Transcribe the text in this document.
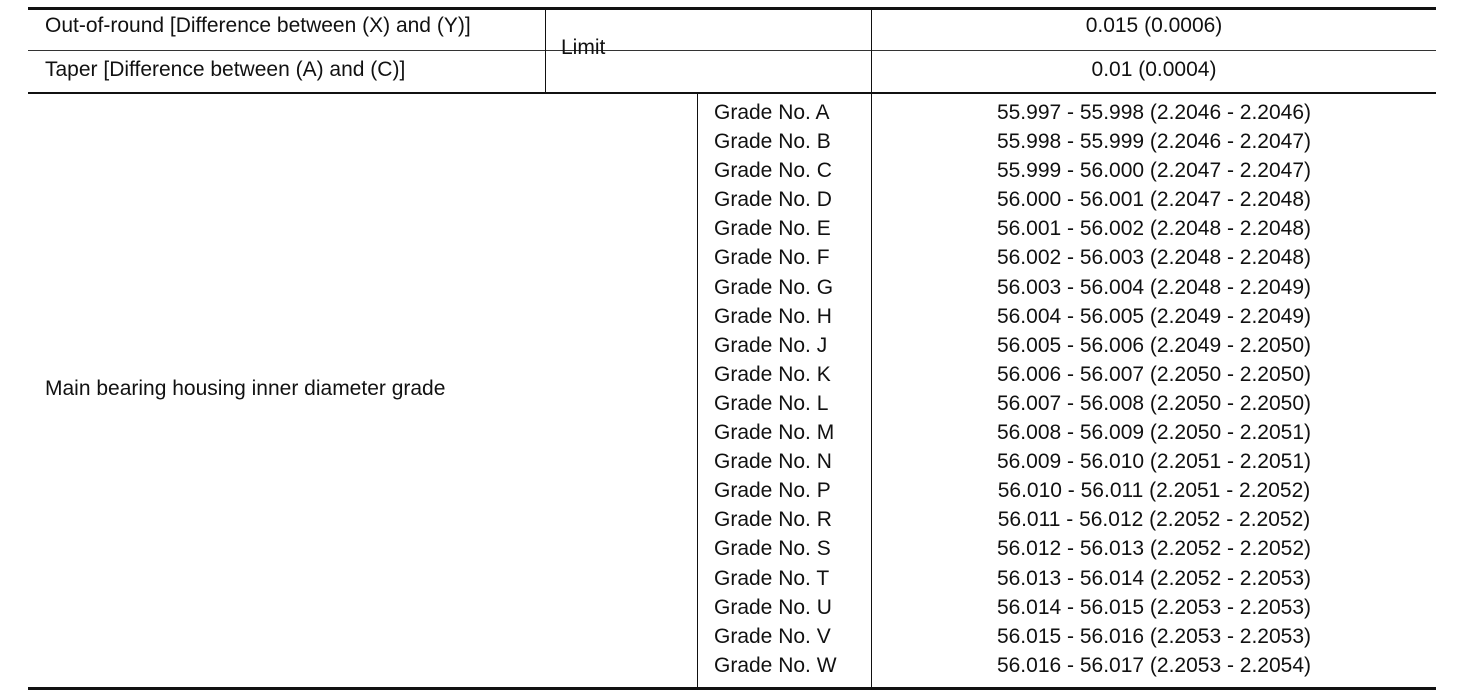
Out-of-round [Difference between (X) and (Y)]
Taper [Difference between (A) and (C)]
Limit
0.015 (0.0006)
0.01 (0.0004)
Main bearing housing inner diameter grade
Grade No. A
Grade No. B
Grade No. C
Grade No. D
Grade No. E
Grade No. F
Grade No. G
Grade No. H
Grade No. J
Grade No. K
Grade No. L
Grade No. M
Grade No. N
Grade No. P
Grade No. R
Grade No. S
Grade No. T
Grade No. U
Grade No. V
Grade No. W
55.997 - 55.998 (2.2046 - 2.2046)
55.998 - 55.999 (2.2046 - 2.2047)
55.999 - 56.000 (2.2047 - 2.2047)
56.000 - 56.001 (2.2047 - 2.2048)
56.001 - 56.002 (2.2048 - 2.2048)
56.002 - 56.003 (2.2048 - 2.2048)
56.003 - 56.004 (2.2048 - 2.2049)
56.004 - 56.005 (2.2049 - 2.2049)
56.005 - 56.006 (2.2049 - 2.2050)
56.006 - 56.007 (2.2050 - 2.2050)
56.007 - 56.008 (2.2050 - 2.2050)
56.008 - 56.009 (2.2050 - 2.2051)
56.009 - 56.010 (2.2051 - 2.2051)
56.010 - 56.011 (2.2051 - 2.2052)
56.011 - 56.012 (2.2052 - 2.2052)
56.012 - 56.013 (2.2052 - 2.2052)
56.013 - 56.014 (2.2052 - 2.2053)
56.014 - 56.015 (2.2053 - 2.2053)
56.015 - 56.016 (2.2053 - 2.2053)
56.016 - 56.017 (2.2053 - 2.2054)
